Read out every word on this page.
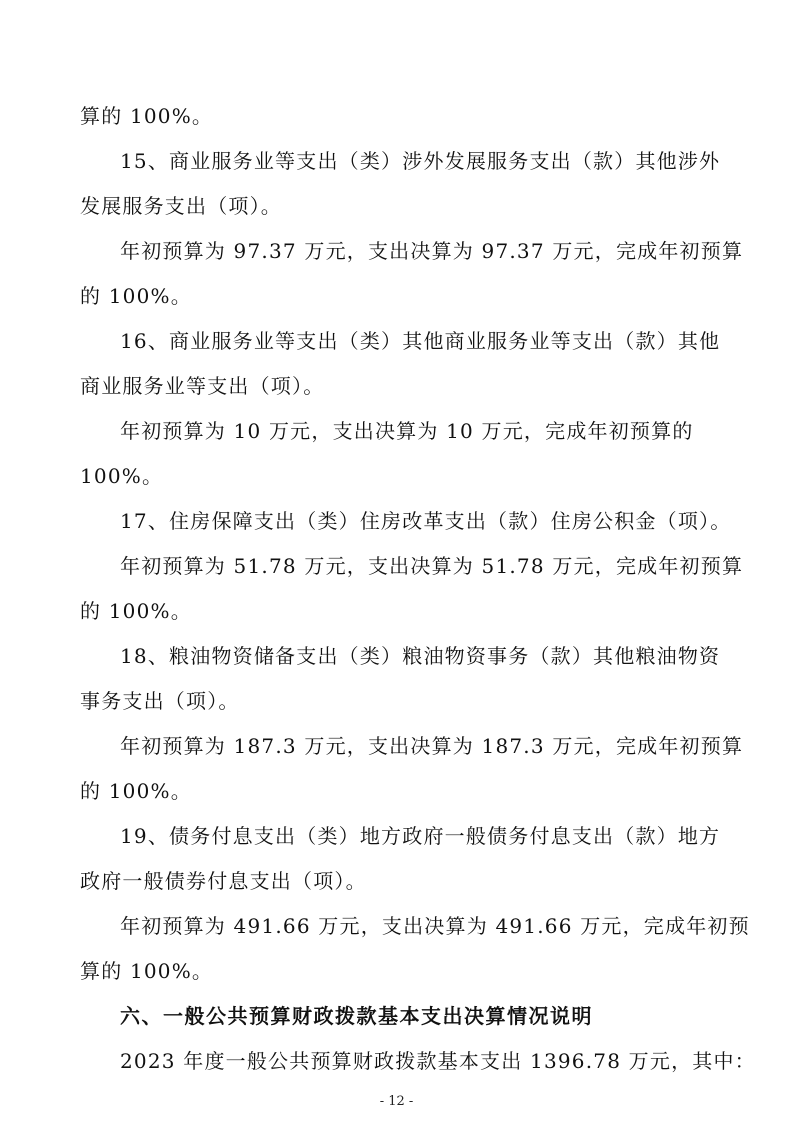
算的 100%。
15、商业服务业等支出（类）涉外发展服务支出（款）其他涉外
发展服务支出（项）。
年初预算为 97.37 万元，支出决算为 97.37 万元，完成年初预算
的 100%。
16、商业服务业等支出（类）其他商业服务业等支出（款）其他
商业服务业等支出（项）。
年初预算为 10 万元，支出决算为 10 万元，完成年初预算的
100%。
17、住房保障支出（类）住房改革支出（款）住房公积金（项）。
年初预算为 51.78 万元，支出决算为 51.78 万元，完成年初预算
的 100%。
18、粮油物资储备支出（类）粮油物资事务（款）其他粮油物资
事务支出（项）。
年初预算为 187.3 万元，支出决算为 187.3 万元，完成年初预算
的 100%。
19、债务付息支出（类）地方政府一般债务付息支出（款）地方
政府一般债券付息支出（项）。
年初预算为 491.66 万元，支出决算为 491.66 万元，完成年初预
算的 100%。
六、一般公共预算财政拨款基本支出决算情况说明
2023 年度一般公共预算财政拨款基本支出 1396.78 万元，其中：
- 12 -
